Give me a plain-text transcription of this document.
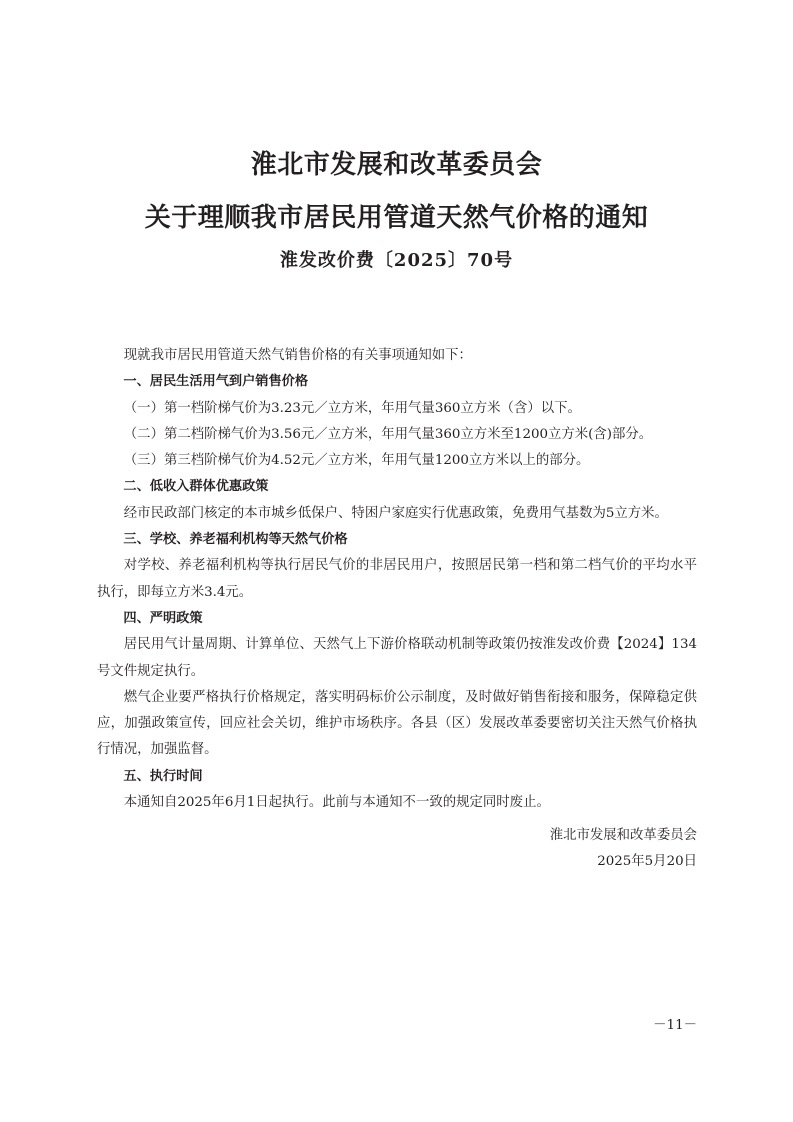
淮北市发展和改革委员会
关于理顺我市居民用管道天然气价格的通知
淮发改价费〔2025〕70号

现就我市居民用管道天然气销售价格的有关事项通知如下：

一、居民生活用气到户销售价格

（一）第一档阶梯气价为3.23元／立方米，年用气量360立方米（含）以下。

（二）第二档阶梯气价为3.56元／立方米，年用气量360立方米至1200立方米(含)部分。

（三）第三档阶梯气价为4.52元／立方米，年用气量1200立方米以上的部分。

二、低收入群体优惠政策

经市民政部门核定的本市城乡低保户、特困户家庭实行优惠政策，免费用气基数为5立方米。

三、学校、养老福利机构等天然气价格

对学校、养老福利机构等执行居民气价的非居民用户，按照居民第一档和第二档气价的平均水平执行，即每立方米3.4元。

四、严明政策

居民用气计量周期、计算单位、天然气上下游价格联动机制等政策仍按淮发改价费【2024】134号文件规定执行。

燃气企业要严格执行价格规定，落实明码标价公示制度，及时做好销售衔接和服务，保障稳定供应，加强政策宣传，回应社会关切，维护市场秩序。各县（区）发展改革委要密切关注天然气价格执行情况，加强监督。

五、执行时间

本通知自2025年6月1日起执行。此前与本通知不一致的规定同时废止。

淮北市发展和改革委员会
2025年5月20日
－11－
